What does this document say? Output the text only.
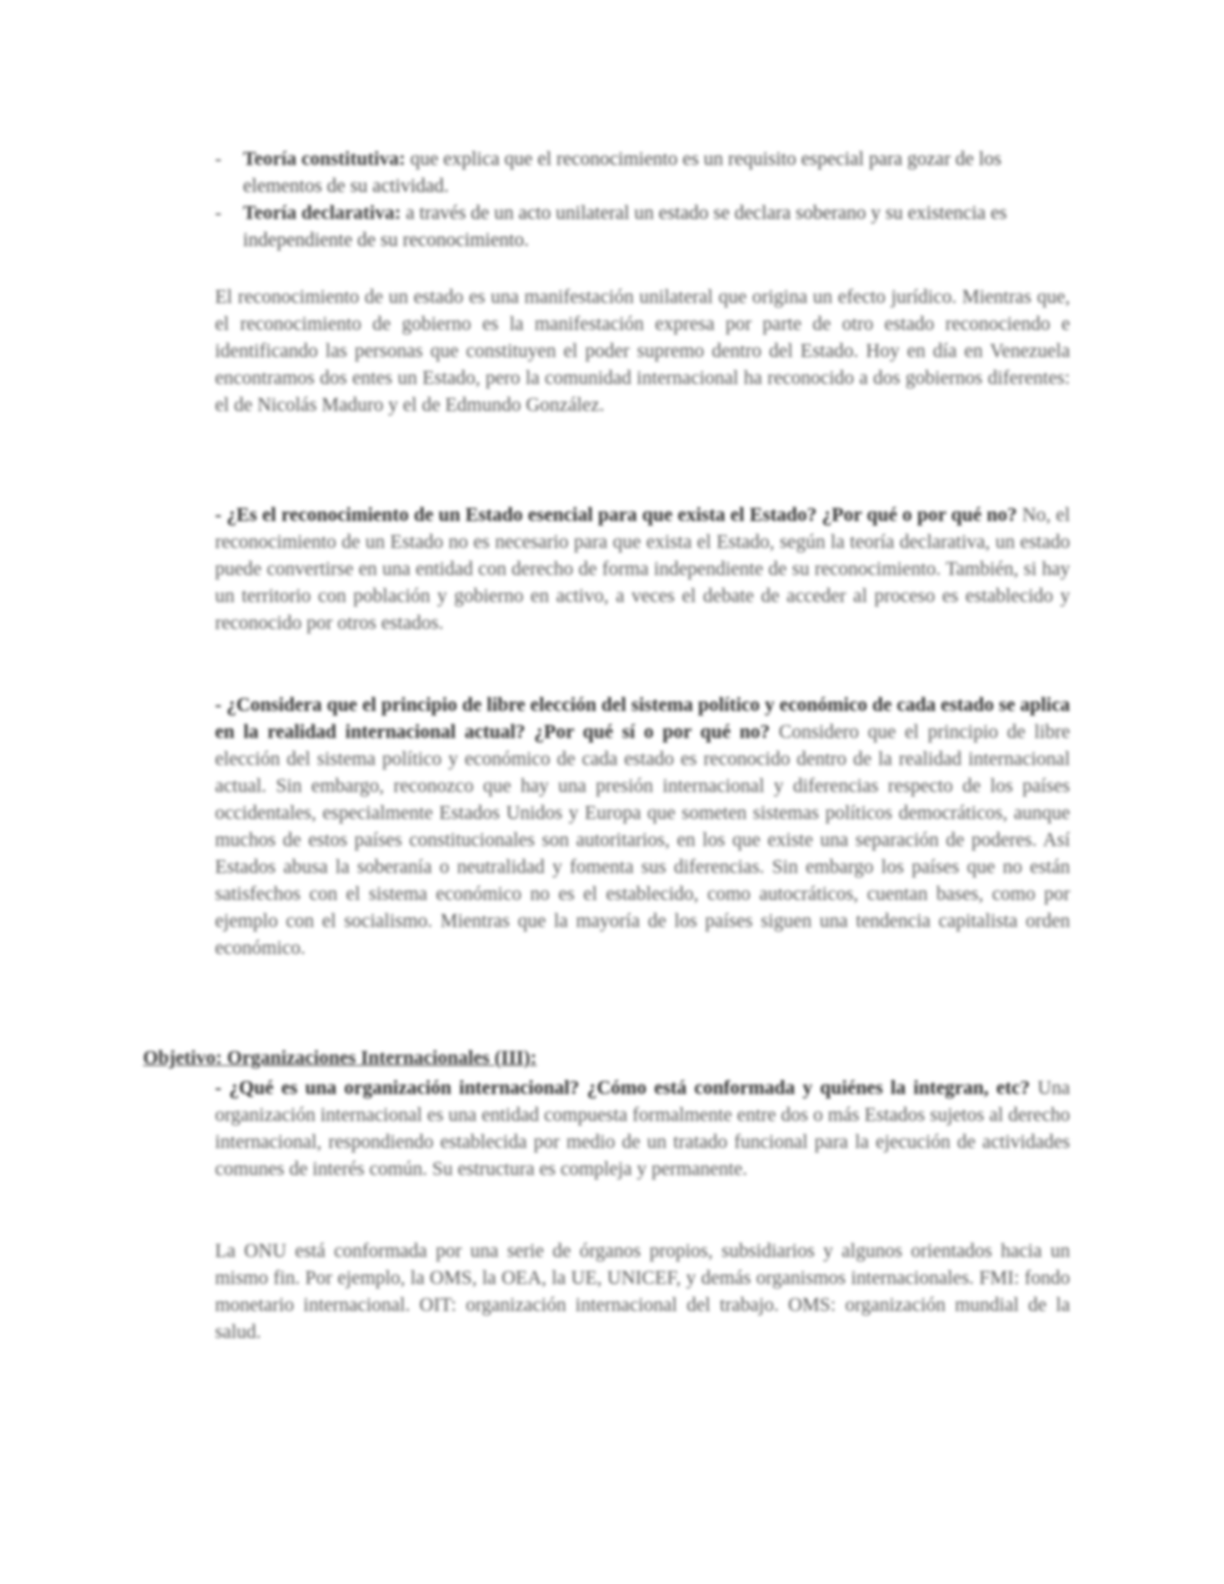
-	Teoría constitutiva: que explica que el reconocimiento es un requisito especial para gozar de los elementos de su actividad.
-	Teoría declarativa: a través de un acto unilateral un estado se declara soberano y su existencia es independiente de su reconocimiento.

El reconocimiento de un estado es una manifestación unilateral que origina un efecto jurídico. Mientras que, el reconocimiento de gobierno es la manifestación expresa por parte de otro estado reconociendo e identificando las personas que constituyen el poder supremo dentro del Estado. Hoy en día en Venezuela encontramos dos entes un Estado, pero la comunidad internacional ha reconocido a dos gobiernos diferentes: el de Nicolás Maduro y el de Edmundo González.

- ¿Es el reconocimiento de un Estado esencial para que exista el Estado? ¿Por qué o por qué no? No, el reconocimiento de un Estado no es necesario para que exista el Estado, según la teoría declarativa, un estado puede convertirse en una entidad con derecho de forma independiente de su reconocimiento. También, si hay un territorio con población y gobierno en activo, a veces el debate de acceder al proceso es establecido y reconocido por otros estados.

- ¿Considera que el principio de libre elección del sistema político y económico de cada estado se aplica en la realidad internacional actual? ¿Por qué sí o por qué no? Considero que el principio de libre elección del sistema político y económico de cada estado es reconocido dentro de la realidad internacional actual. Sin embargo, reconozco que hay una presión internacional y diferencias respecto de los países occidentales, especialmente Estados Unidos y Europa que someten sistemas políticos democráticos, aunque muchos de estos países constitucionales son autoritarios, en los que existe una separación de poderes. Así Estados abusa la soberanía o neutralidad y fomenta sus diferencias. Sin embargo los países que no están satisfechos con el sistema económico no es el establecido, como autocráticos, cuentan bases, como por ejemplo con el socialismo. Mientras que la mayoría de los países siguen una tendencia capitalista orden económico.

Objetivo: Organizaciones Internacionales (III):

- ¿Qué es una organización internacional? ¿Cómo está conformada y quiénes la integran, etc? Una organización internacional es una entidad compuesta formalmente entre dos o más Estados sujetos al derecho internacional, respondiendo establecida por medio de un tratado funcional para la ejecución de actividades comunes de interés común. Su estructura es compleja y permanente.

La ONU está conformada por una serie de órganos propios, subsidiarios y algunos orientados hacia un mismo fin. Por ejemplo, la OMS, la OEA, la UE, UNICEF, y demás organismos internacionales. FMI: fondo monetario internacional. OIT: organización internacional del trabajo. OMS: organización mundial de la salud.
